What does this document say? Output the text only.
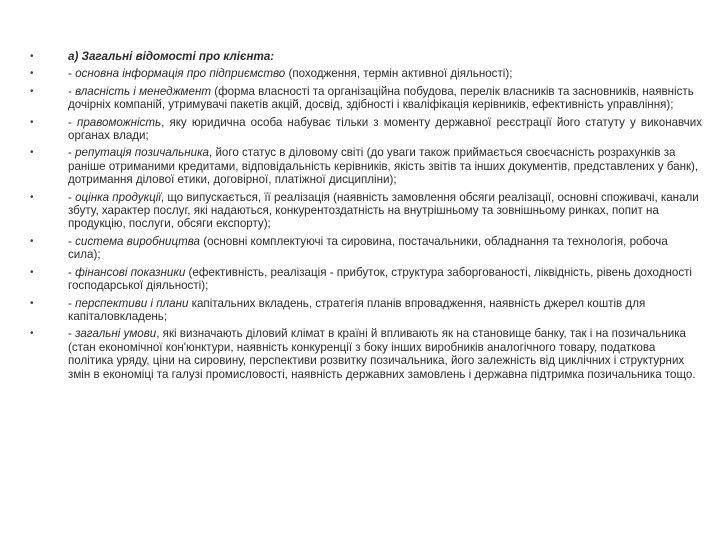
•	а) Загальні відомості про клієнта:
•	- основна інформація про підприємство (походження, термін активної діяльності);
•	- власність і менеджмент (форма власності та організаційна побудова, перелік власників та засновників, наявність дочірніх компаній, утримувачі пакетів акцій, досвід, здібності і кваліфікація керівників, ефективність управління);
•	- правоможність, яку юридична особа набуває тільки з моменту державної реєстрації його статуту у виконавчих органах влади;
•	- репутація позичальника, його статус в діловому світі (до уваги також приймається своєчасність розрахунків за раніше отриманими кредитами, відповідальність керівників, якість звітів та інших документів, представлених у банк), дотримання ділової етики, договірної, платіжної дисципліни);
•	- оцінка продукції, що випускається, її реалізація (наявність замовлення обсяги реалізації, основні споживачі, канали збуту, характер послуг, які надаються, конкурентоздатність на внутрішньому та зовнішньому ринках, попит на продукцію, послуги, обсяги експорту);
•	- система виробництва (основні комплектуючі та сировина, постачальники, обладнання та технологія, робоча сила);
•	- фінансові показники (ефективність, реалізація - прибуток, структура заборгованості, ліквідність, рівень доходності господарської діяльності);
•	- перспективи і плани капітальних вкладень, стратегія планів впровадження, наявність джерел коштів для капіталовкладень;
•	- загальні умови, які визначають діловий клімат в країні й впливають як на становище банку, так і на позичальника (стан економічної кон'юнктури, наявність конкуренції з боку інших виробників аналогічного товару, податкова політика уряду, ціни на сировину, перспективи розвитку позичальника, його залежність від циклічних і структурних змін в економіці та галузі промисловості, наявність державних замовлень і державна підтримка позичальника тощо.
